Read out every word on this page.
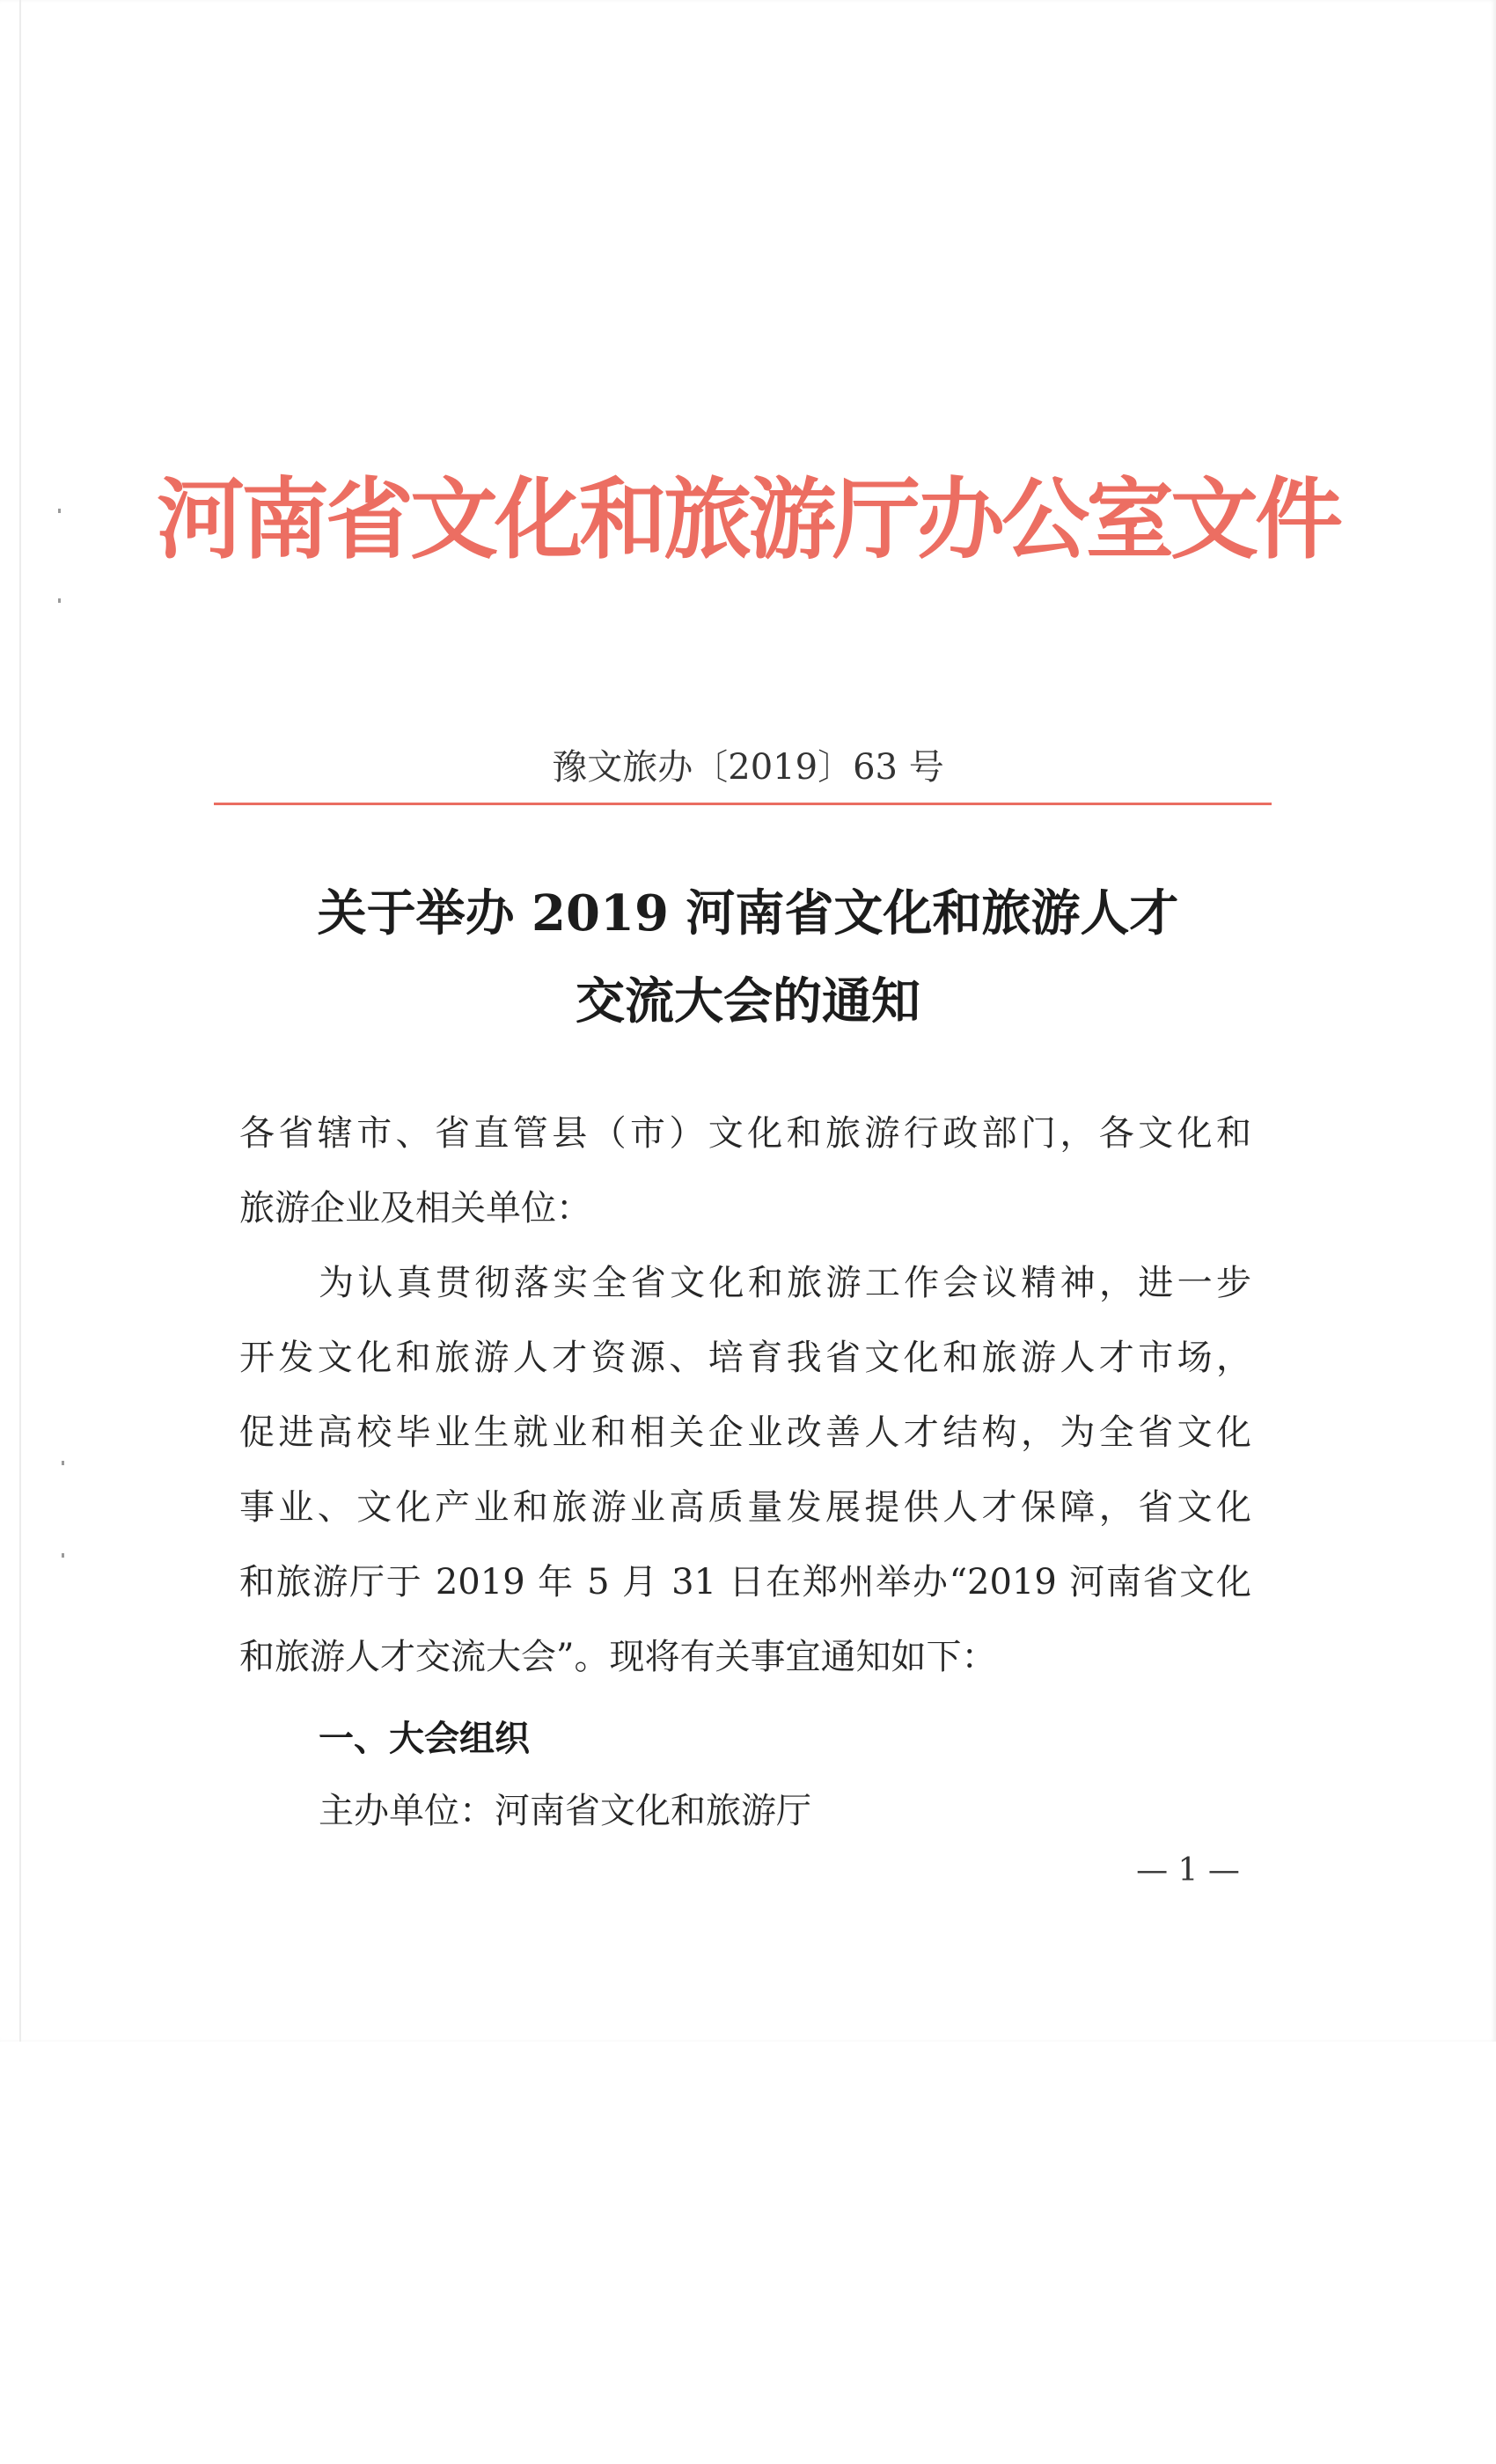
河南省文化和旅游厅办公室文件
豫文旅办〔2019〕63 号
关于举办 2019 河南省文化和旅游人才
交流大会的通知
各省辖市、省直管县（市）文化和旅游行政部门，各文化和
旅游企业及相关单位：
为认真贯彻落实全省文化和旅游工作会议精神，进一步
开发文化和旅游人才资源、培育我省文化和旅游人才市场，
促进高校毕业生就业和相关企业改善人才结构，为全省文化
事业、文化产业和旅游业高质量发展提供人才保障，省文化
和旅游厅于 2019 年 5 月 31 日在郑州举办“2019 河南省文化
和旅游人才交流大会”。现将有关事宜通知如下：
一、大会组织
主办单位：河南省文化和旅游厅
— 1 —
